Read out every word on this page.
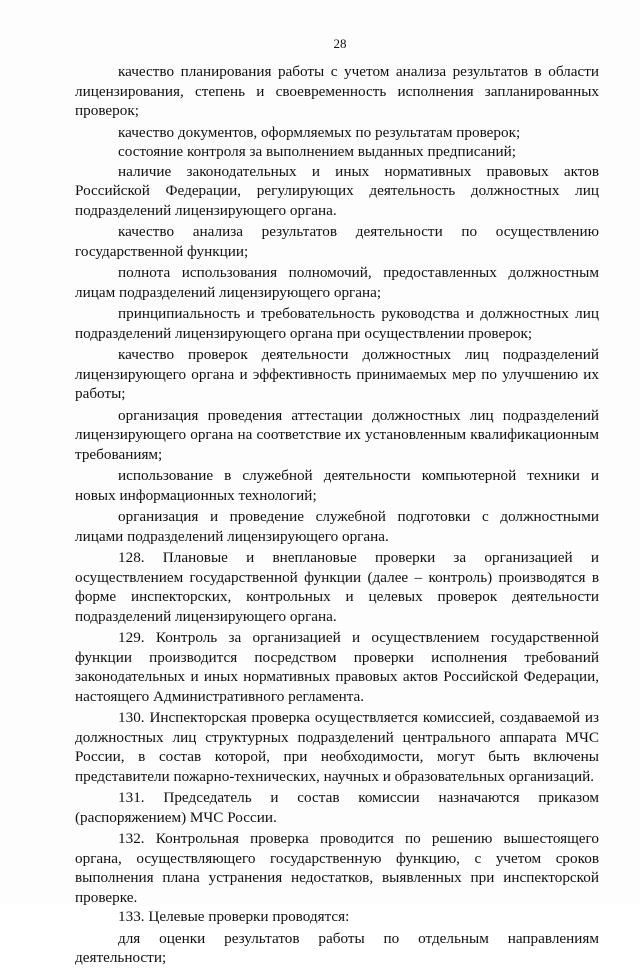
28

качество планирования работы с учетом анализа результатов в области лицензирования, степень и своевременность исполнения запланированных проверок;

качество документов, оформляемых по результатам проверок;

состояние контроля за выполнением выданных предписаний;

наличие законодательных и иных нормативных правовых актов Российской Федерации, регулирующих деятельность должностных лиц подразделений лицензирующего органа.

качество анализа результатов деятельности по осуществлению государственной функции;

полнота использования полномочий, предоставленных должностным лицам подразделений лицензирующего органа;

принципиальность и требовательность руководства и должностных лиц подразделений лицензирующего органа при осуществлении проверок;

качество проверок деятельности должностных лиц подразделений лицензирующего органа и эффективность принимаемых мер по улучшению их работы;

организация проведения аттестации должностных лиц подразделений лицензирующего органа на соответствие их установленным квалификационным требованиям;

использование в служебной деятельности компьютерной техники и новых информационных технологий;

организация и проведение служебной подготовки с должностными лицами подразделений лицензирующего органа.

128. Плановые и внеплановые проверки за организацией и осуществлением государственной функции (далее – контроль) производятся в форме инспекторских, контрольных и целевых проверок деятельности подразделений лицензирующего органа.

129. Контроль за организацией и осуществлением государственной функции производится посредством проверки исполнения требований законодательных и иных нормативных правовых актов Российской Федерации, настоящего Административного регламента.

130. Инспекторская проверка осуществляется комиссией, создаваемой из должностных лиц структурных подразделений центрального аппарата МЧС России, в состав которой, при необходимости, могут быть включены представители пожарно-технических, научных и образовательных организаций.

131. Председатель и состав комиссии назначаются приказом (распоряжением) МЧС России.

132. Контрольная проверка проводится по решению вышестоящего органа, осуществляющего государственную функцию, с учетом сроков выполнения плана устранения недостатков, выявленных при инспекторской проверке.

133. Целевые проверки проводятся:

для оценки результатов работы по отдельным направлениям деятельности;
